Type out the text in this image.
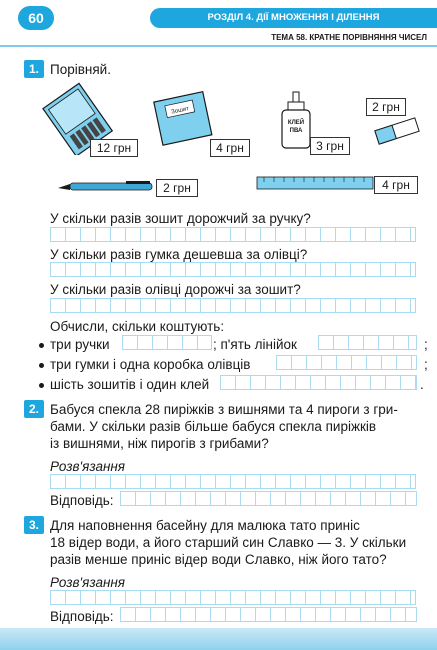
60	РОЗДІЛ 4. ДІЇ МНОЖЕННЯ І ДІЛЕННЯ
ТЕМА 58. КРАТНЕ ПОРІВНЯННЯ ЧИСЕЛ
1. Порівняй.
12 грн
Зошит
4 грн
КЛЕЙ
ПВА
3 грн
2 грн
2 грн	4 грн
У скільки разів зошит дорожчий за ручку?
У скільки разів гумка дешевша за олівці?
У скільки разів олівці дорожчі за зошит?
Обчисли, скільки коштують:
три ручки	; п'ять лінійок	;
три гумки і одна коробка олівців	;
шість зошитів і один клей	.
2. Бабуся спекла 28 пиріжків з вишнями та 4 пироги з гри-
бами. У скільки разів більше бабуся спекла пиріжків
із вишнями, ніж пирогів з грибами?
Розв'язання
Відповідь:
3. Для наповнення басейну для малюка тато приніс
18 відер води, а його старший син Славко — 3. У скільки
разів менше приніс відер води Славко, ніж його тато?
Розв'язання
Відповідь:
